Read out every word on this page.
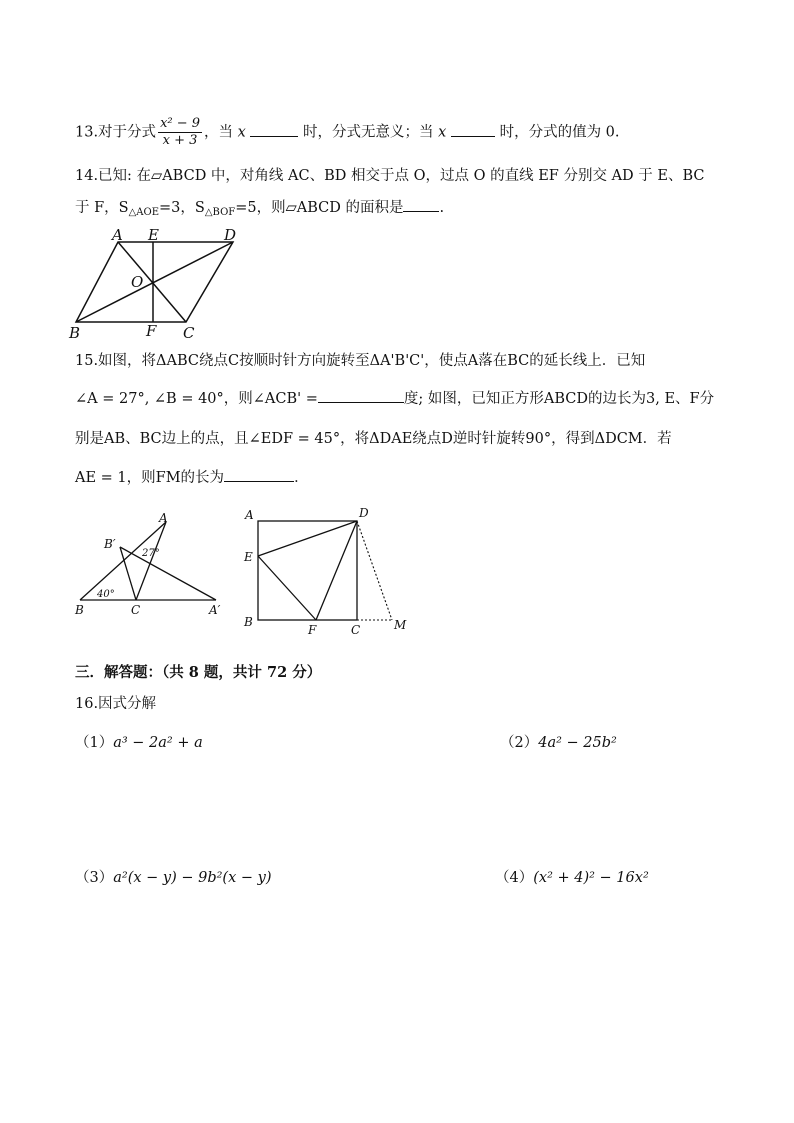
13.对于分式 $\frac{\text{x² − 9}}{x + 3}$ ，当 x	时，分式无意义；当 x	时，分式的值为 0.
14.已知: 在▱ABCD 中，对角线 AC、BD 相交于点 O，过点 O 的直线 EF 分别交 AD 于 E、BC
于 F，$S_{\triangle AOE}=3$，$S_{\triangle BOF}=5$，则▱ABCD 的面积是 .
A E	D
O
B	F C
15.如图，将ΔABC绕点C按顺时针方向旋转至ΔA'B'C'，使点A落在BC的延长线上．已知
∠A = 27°, ∠B = 40°，则∠ACB' =	度; 如图，已知正方形ABCD的边长为3, E、F分
别是AB、BC边上的点，且∠EDF = 45°，将ΔDAE绕点D逆时针旋转90°，得到ΔDCM．若
AE = 1，则FM的长为	．
A
B′
27°
40°
B	C	A′
A	D
E
B
F	C	M
三．解答题：（共 8 题，共计 72 分）
16.因式分解
（1）a³ − 2a² + a	（2）4a² − 25b²
（3）a²(x − y) − 9b²(x − y)	（4）(x² + 4)² − 16x²
